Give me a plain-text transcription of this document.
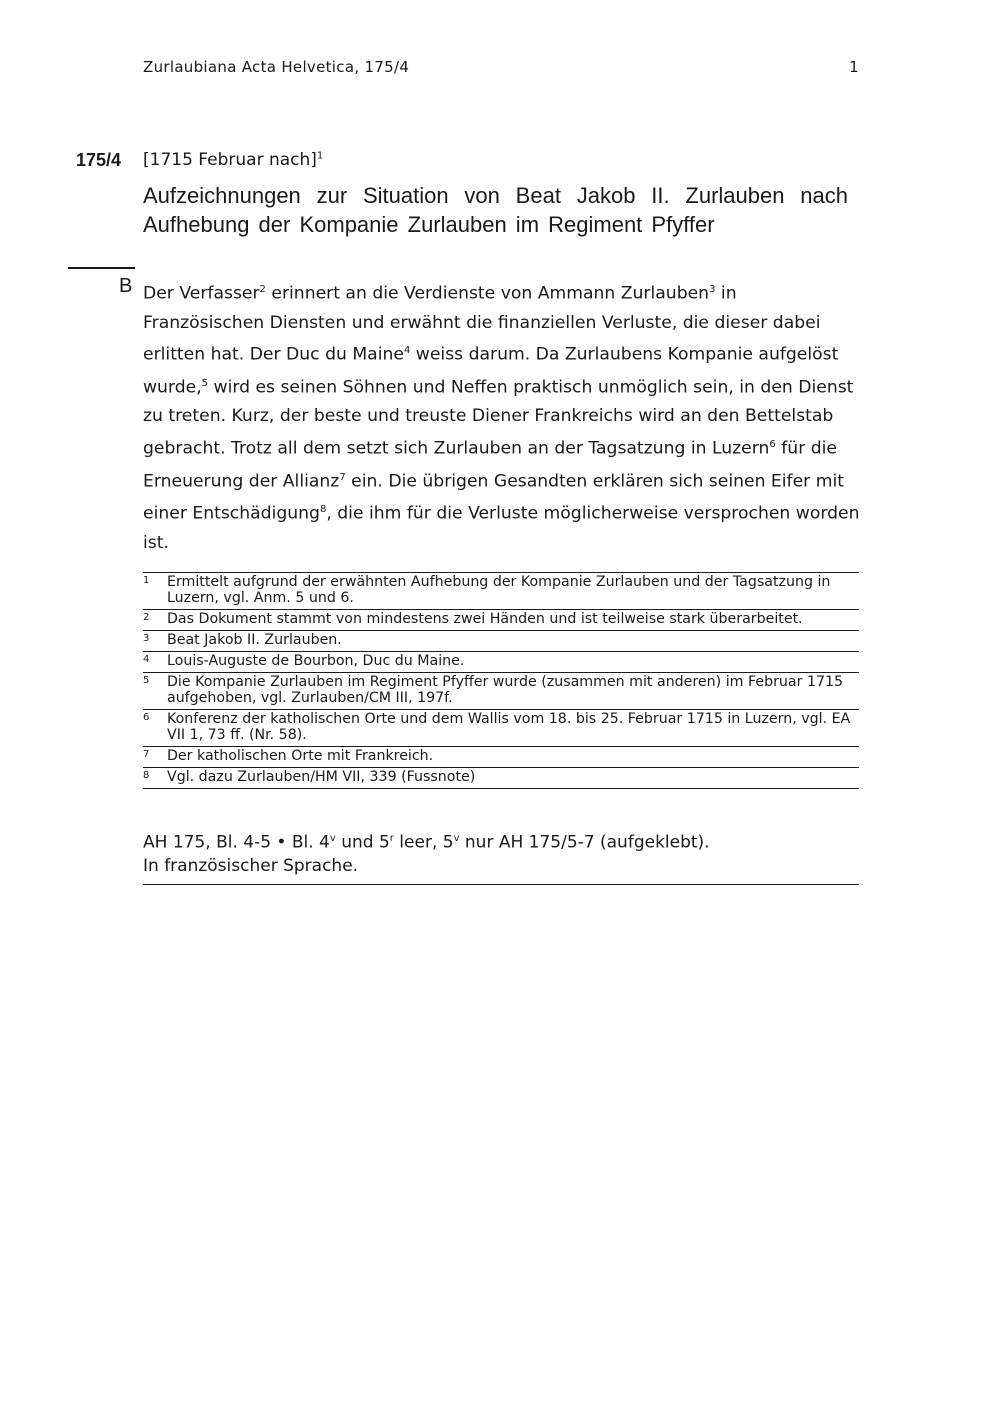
Zurlaubiana Acta Helvetica, 175/4	1
175/4 [1715 Februar nach]$^1$
Aufzeichnungen zur Situation von Beat Jakob II. Zurlauben nach Aufhebung der Kompanie Zurlauben im Regiment Pfyffer
B Der Verfasser$^2$ erinnert an die Verdienste von Ammann Zurlauben$^3$ in Französischen Diensten und erwähnt die finanziellen Verluste, die dieser dabei erlitten hat. Der Duc du Maine$^4$ weiss darum. Da Zurlaubens Kompanie aufgelöst wurde,$^5$ wird es seinen Söhnen und Neffen praktisch unmöglich sein, in den Dienst zu treten. Kurz, der beste und treuste Diener Frankreichs wird an den Bettelstab gebracht. Trotz all dem setzt sich Zurlauben an der Tagsatzung in Luzern$^6$ für die Erneuerung der Allianz$^7$ ein. Die übrigen Gesandten erklären sich seinen Eifer mit einer Entschädigung$^8$, die ihm für die Verluste möglicherweise versprochen worden ist.
1 Ermittelt aufgrund der erwähnten Aufhebung der Kompanie Zurlauben und der Tagsatzung in Luzern, vgl. Anm. 5 und 6.
2 Das Dokument stammt von mindestens zwei Händen und ist teilweise stark überarbeitet.
3 Beat Jakob II. Zurlauben.
4 Louis-Auguste de Bourbon, Duc du Maine.
5 Die Kompanie Zurlauben im Regiment Pfyffer wurde (zusammen mit anderen) im Februar 1715 aufgehoben, vgl. Zurlauben/CM III, 197f.
6 Konferenz der katholischen Orte und dem Wallis vom 18. bis 25. Februar 1715 in Luzern, vgl. EA VII 1, 73 ff. (Nr. 58).
7 Der katholischen Orte mit Frankreich.
8 Vgl. dazu Zurlauben/HM VII, 339 (Fussnote)
AH 175, Bl. 4-5 • Bl. 4$^v$ und 5$^r$ leer, 5$^v$ nur AH 175/5-7 (aufgeklebt).
In französischer Sprache.
